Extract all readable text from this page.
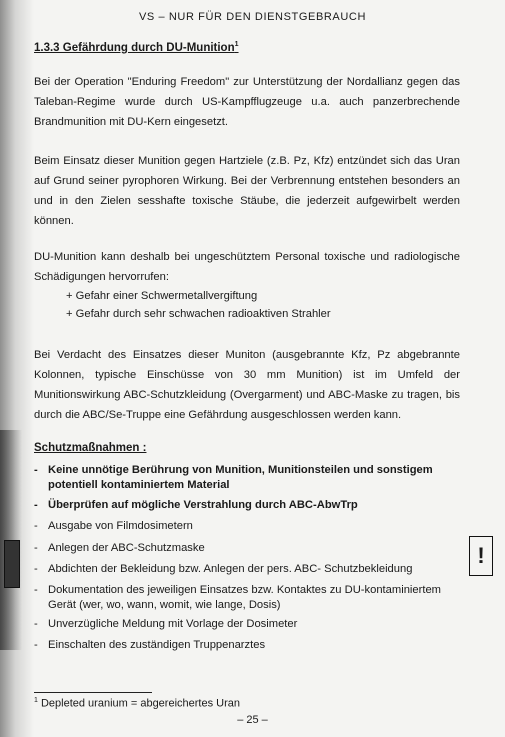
VS – NUR FÜR DEN DIENSTGEBRAUCH
1.3.3 Gefährdung durch DU-Munition$^1$

Bei der Operation "Enduring Freedom" zur Unterstützung der Nordallianz gegen das Taleban-Regime wurde durch US-Kampfflugzeuge u.a. auch panzerbrechende Brandmunition mit DU-Kern eingesetzt.

Beim Einsatz dieser Munition gegen Hartziele (z.B. Pz, Kfz) entzündet sich das Uran auf Grund seiner pyrophoren Wirkung. Bei der Verbrennung entstehen besonders an und in den Zielen sesshafte toxische Stäube, die jederzeit aufgewirbelt werden können.

DU-Munition kann deshalb bei ungeschütztem Personal toxische und radiologische Schädigungen hervorrufen:

+ Gefahr einer Schwermetallvergiftung
+ Gefahr durch sehr schwachen radioaktiven Strahler

Bei Verdacht des Einsatzes dieser Muniton (ausgebrannte Kfz, Pz abgebrannte Kolonnen, typische Einschüsse von 30 mm Munition) ist im Umfeld der Munitionswirkung ABC-Schutzkleidung (Overgarment) und ABC-Maske zu tragen, bis durch die ABC/Se-Truppe eine Gefährdung ausgeschlossen werden kann.

Schutzmaßnahmen :
- Keine unnötige Berührung von Munition, Munitionsteilen und sonstigem potentiell kontaminiertem Material
- Überprüfen auf mögliche Verstrahlung durch ABC-AbwTrp
- Ausgabe von Filmdosimetern
- Anlegen der ABC-Schutzmaske
- Abdichten der Bekleidung bzw. Anlegen der pers. ABC- Schutzbekleidung
- Dokumentation des jeweiligen Einsatzes bzw. Kontaktes zu DU-kontaminiertem Gerät (wer, wo, wann, womit, wie lange, Dosis)
- Unverzügliche Meldung mit Vorlage der Dosimeter
- Einschalten des zuständigen Truppenarztes
!
$^1$ Depleted uranium = abgereichertes Uran
– 25 –
